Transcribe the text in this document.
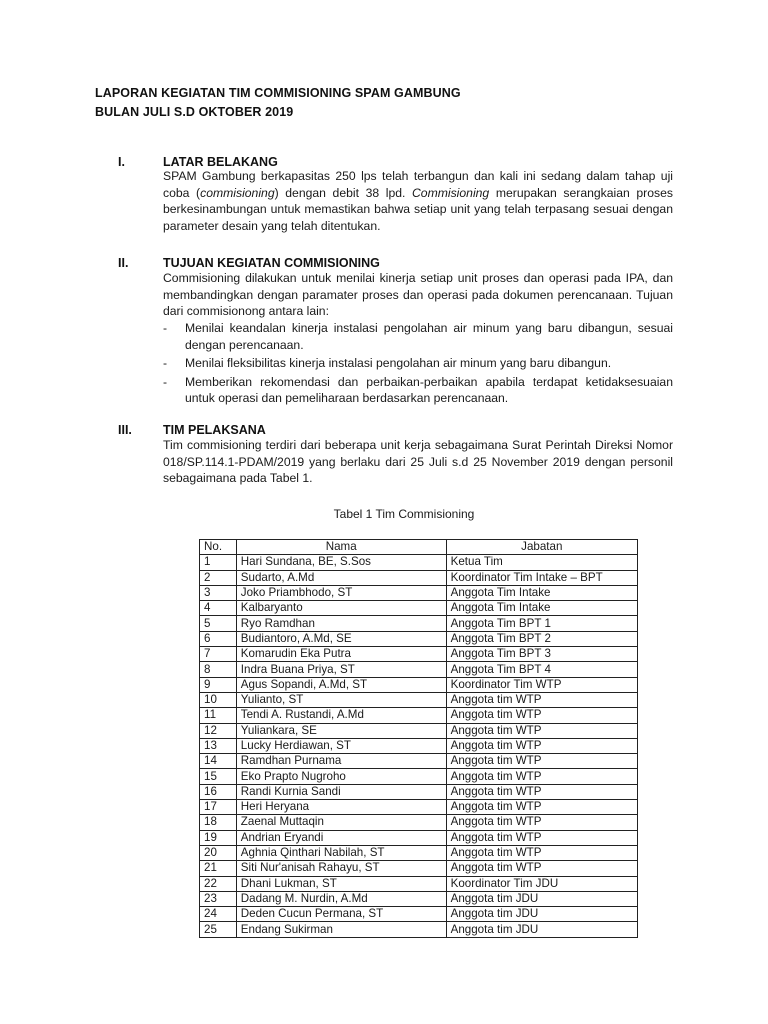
LAPORAN KEGIATAN TIM COMMISIONING SPAM GAMBUNG
BULAN JULI S.D OKTOBER 2019
I.	LATAR BELAKANG
SPAM Gambung berkapasitas 250 lps telah terbangun dan kali ini sedang dalam tahap uji coba (commisioning) dengan debit 38 lpd. Commisioning merupakan serangkaian proses berkesinambungan untuk memastikan bahwa setiap unit yang telah terpasang sesuai dengan parameter desain yang telah ditentukan.
II.	TUJUAN KEGIATAN COMMISIONING
Commisioning dilakukan untuk menilai kinerja setiap unit proses dan operasi pada IPA, dan membandingkan dengan paramater proses dan operasi pada dokumen perencanaan. Tujuan dari commisionong antara lain:
- Menilai keandalan kinerja instalasi pengolahan air minum yang baru dibangun, sesuai dengan perencanaan.
- Menilai fleksibilitas kinerja instalasi pengolahan air minum yang baru dibangun.
- Memberikan rekomendasi dan perbaikan-perbaikan apabila terdapat ketidaksesuaian untuk operasi dan pemeliharaan berdasarkan perencanaan.
III. TIM PELAKSANA
Tim commisioning terdiri dari beberapa unit kerja sebagaimana Surat Perintah Direksi Nomor 018/SP.114.1-PDAM/2019 yang berlaku dari 25 Juli s.d 25 November 2019 dengan personil sebagaimana pada Tabel 1.
Tabel 1 Tim Commisioning
No.	Nama	Jabatan
1	Hari Sundana, BE, S.Sos	Ketua Tim
2	Sudarto, A.Md	Koordinator Tim Intake – BPT
3	Joko Priambhodo, ST	Anggota Tim Intake
4	Kalbaryanto	Anggota Tim Intake
5	Ryo Ramdhan	Anggota Tim BPT 1
6	Budiantoro, A.Md, SE	Anggota Tim BPT 2
7	Komarudin Eka Putra	Anggota Tim BPT 3
8	Indra Buana Priya, ST	Anggota Tim BPT 4
9	Agus Sopandi, A.Md, ST	Koordinator Tim WTP
10	Yulianto, ST	Anggota tim WTP
11	Tendi A. Rustandi, A.Md	Anggota tim WTP
12	Yuliankara, SE	Anggota tim WTP
13	Lucky Herdiawan, ST	Anggota tim WTP
14	Ramdhan Purnama	Anggota tim WTP
15	Eko Prapto Nugroho	Anggota tim WTP
16	Randi Kurnia Sandi	Anggota tim WTP
17	Heri Heryana	Anggota tim WTP
18	Zaenal Muttaqin	Anggota tim WTP
19	Andrian Eryandi	Anggota tim WTP
20	Aghnia Qinthari Nabilah, ST	Anggota tim WTP
21	Siti Nur'anisah Rahayu, ST	Anggota tim WTP
22	Dhani Lukman, ST	Koordinator Tim JDU
23	Dadang M. Nurdin, A.Md	Anggota tim JDU
24	Deden Cucun Permana, ST	Anggota tim JDU
25	Endang Sukirman	Anggota tim JDU
